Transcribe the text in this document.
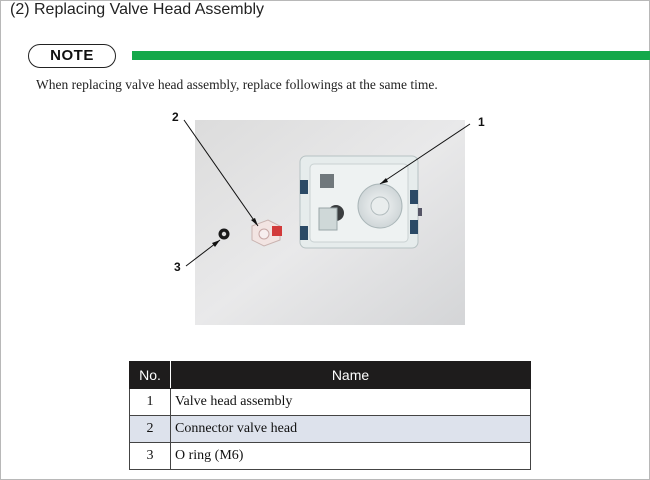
(2) Replacing Valve Head Assembly
NOTE
When replacing valve head assembly, replace followings at the same time.
1
2
3
No.	Name
1	Valve head assembly
2	Connector valve head
3	O ring (M6)
